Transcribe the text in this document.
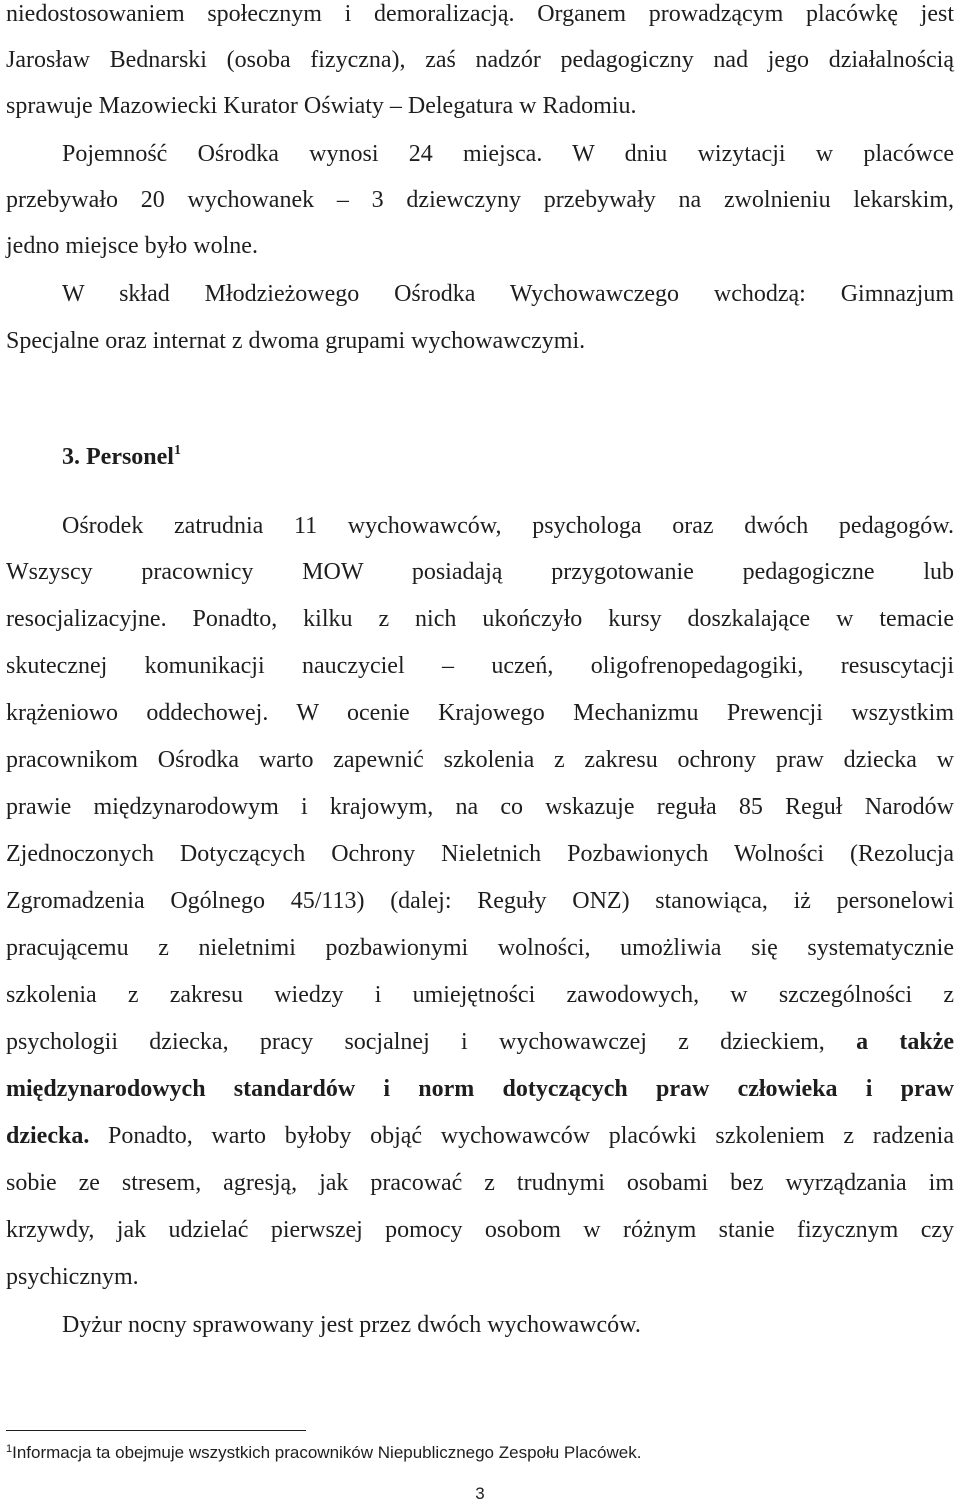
niedostosowaniem społecznym i demoralizacją. Organem prowadzącym placówkę jest
Jarosław Bednarski (osoba fizyczna), zaś nadzór pedagogiczny nad jego działalnością
sprawuje Mazowiecki Kurator Oświaty – Delegatura w Radomiu.
Pojemność Ośrodka wynosi 24 miejsca. W dniu wizytacji w placówce
przebywało 20 wychowanek – 3 dziewczyny przebywały na zwolnieniu lekarskim,
jedno miejsce było wolne.
W skład Młodzieżowego Ośrodka Wychowawczego wchodzą: Gimnazjum
Specjalne oraz internat z dwoma grupami wychowawczymi.
3. Personel$^1$
Ośrodek zatrudnia 11 wychowawców, psychologa oraz dwóch pedagogów.
Wszyscy pracownicy MOW posiadają przygotowanie pedagogiczne lub
resocjalizacyjne. Ponadto, kilku z nich ukończyło kursy doszkalające w temacie
skutecznej komunikacji nauczyciel – uczeń, oligofrenopedagogiki, resuscytacji
krążeniowo oddechowej. W ocenie Krajowego Mechanizmu Prewencji wszystkim
pracownikom Ośrodka warto zapewnić szkolenia z zakresu ochrony praw dziecka w
prawie międzynarodowym i krajowym, na co wskazuje reguła 85 Reguł Narodów
Zjednoczonych Dotyczących Ochrony Nieletnich Pozbawionych Wolności (Rezolucja
Zgromadzenia Ogólnego 45/113) (dalej: Reguły ONZ) stanowiąca, iż personelowi
pracującemu z nieletnimi pozbawionymi wolności, umożliwia się systematycznie
szkolenia z zakresu wiedzy i umiejętności zawodowych, w szczególności z
psychologii dziecka, pracy socjalnej i wychowawczej z dzieckiem, a także
międzynarodowych standardów i norm dotyczących praw człowieka i praw
dziecka. Ponadto, warto byłoby objąć wychowawców placówki szkoleniem z radzenia
sobie ze stresem, agresją, jak pracować z trudnymi osobami bez wyrządzania im
krzywdy, jak udzielać pierwszej pomocy osobom w różnym stanie fizycznym czy
psychicznym.
Dyżur nocny sprawowany jest przez dwóch wychowawców.
$^1$Informacja ta obejmuje wszystkich pracowników Niepublicznego Zespołu Placówek.
3
